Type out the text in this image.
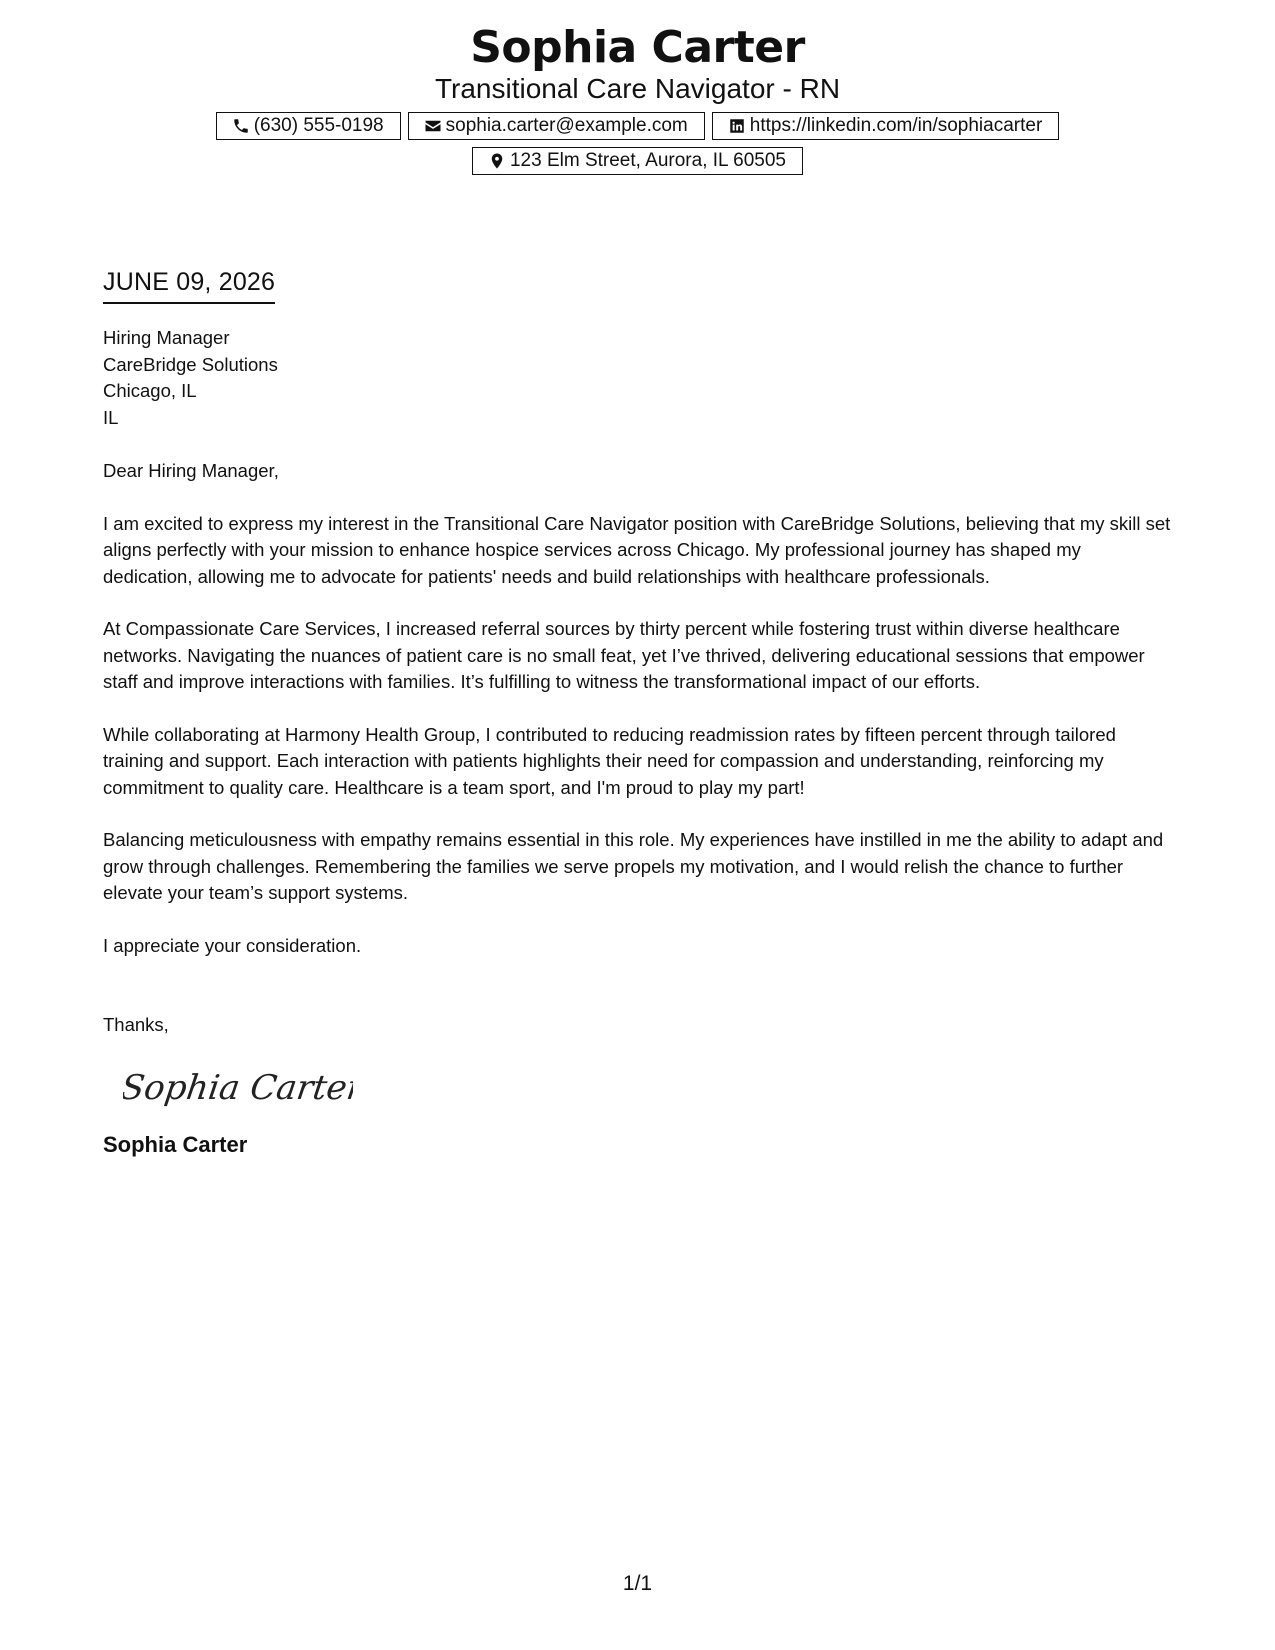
Sophia Carter
Transitional Care Navigator - RN
(630) 555-0198	sophia.carter@example.com	https://linkedin.com/in/sophiacarter
123 Elm Street, Aurora, IL 60505
JUNE 09, 2026
Hiring Manager
CareBridge Solutions
Chicago, IL
IL
Dear Hiring Manager,
I am excited to express my interest in the Transitional Care Navigator position with CareBridge Solutions, believing that my skill set aligns perfectly with your mission to enhance hospice services across Chicago. My professional journey has shaped my dedication, allowing me to advocate for patients' needs and build relationships with healthcare professionals.
At Compassionate Care Services, I increased referral sources by thirty percent while fostering trust within diverse healthcare networks. Navigating the nuances of patient care is no small feat, yet I’ve thrived, delivering educational sessions that empower staff and improve interactions with families. It’s fulfilling to witness the transformational impact of our efforts.
While collaborating at Harmony Health Group, I contributed to reducing readmission rates by fifteen percent through tailored training and support. Each interaction with patients highlights their need for compassion and understanding, reinforcing my commitment to quality care. Healthcare is a team sport, and I'm proud to play my part!
Balancing meticulousness with empathy remains essential in this role. My experiences have instilled in me the ability to adapt and grow through challenges. Remembering the families we serve propels my motivation, and I would relish the chance to further elevate your team’s support systems.
I appreciate your consideration.
Thanks,
Sophia Carter
Sophia Carter
1/1
